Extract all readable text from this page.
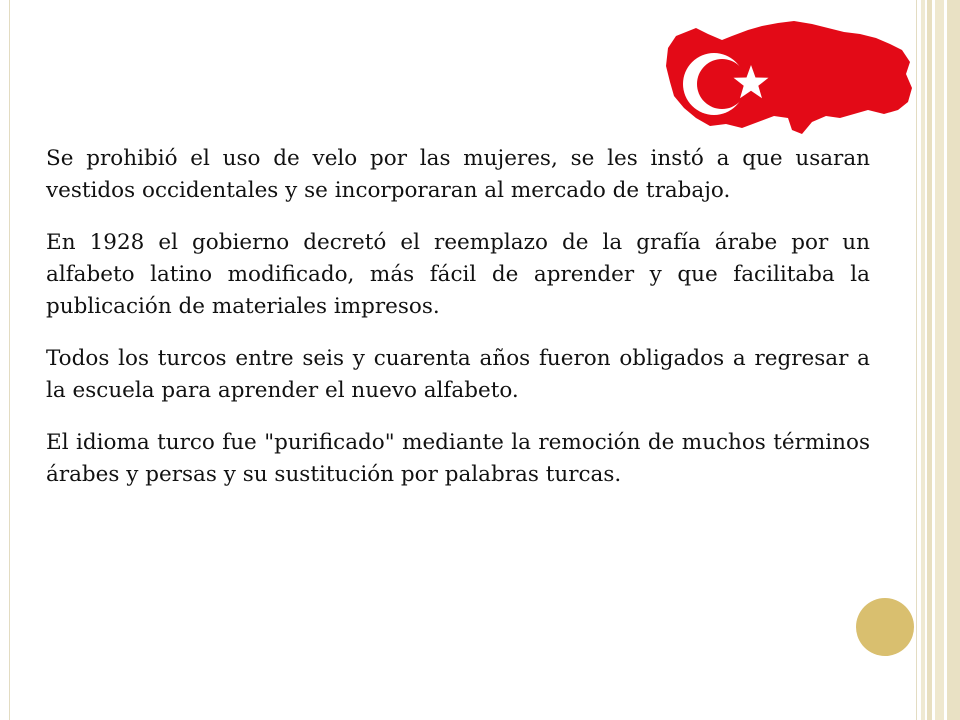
Se prohibió el uso de velo por las mujeres, se les instó a que usaran vestidos occidentales y se incorporaran al mercado de trabajo.

En 1928 el gobierno decretó el reemplazo de la grafía árabe por un alfabeto latino modificado, más fácil de aprender y que facilitaba la publicación de materiales impresos.

Todos los turcos entre seis y cuarenta años fueron obligados a regresar a la escuela para aprender el nuevo alfabeto.

El idioma turco fue "purificado" mediante la remoción de muchos términos árabes y persas y su sustitución por palabras turcas.
